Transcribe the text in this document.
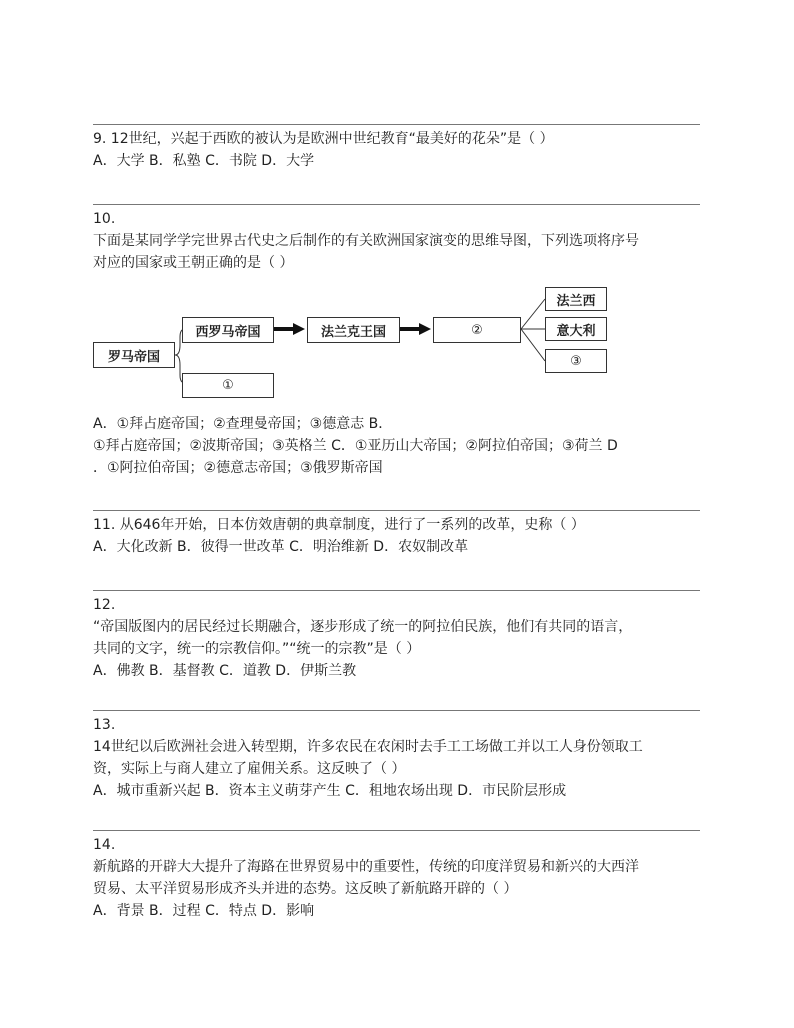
9. 12世纪，兴起于西欧的被认为是欧洲中世纪教育“最美好的花朵”是（ ）
A．大学 B．私塾 C．书院 D．大学
10.
下面是某同学学完世界古代史之后制作的有关欧洲国家演变的思维导图，下列选项将序号
对应的国家或王朝正确的是（ ）
罗马帝国
西罗马帝国
①
法兰克王国	②
法兰西
意大利
③
A．①拜占庭帝国；②查理曼帝国；③德意志 B．
①拜占庭帝国；②波斯帝国；③英格兰 C．①亚历山大帝国；②阿拉伯帝国；③荷兰 D
．①阿拉伯帝国；②德意志帝国；③俄罗斯帝国
11. 从646年开始，日本仿效唐朝的典章制度，进行了一系列的改革，史称（ ）
A．大化改新 B．彼得一世改革 C．明治维新 D．农奴制改革
12.
“帝国版图内的居民经过长期融合，逐步形成了统一的阿拉伯民族，他们有共同的语言，
共同的文字，统一的宗教信仰。”“统一的宗教”是（ ）
A．佛教 B．基督教 C．道教 D．伊斯兰教
13.
14世纪以后欧洲社会进入转型期，许多农民在农闲时去手工工场做工并以工人身份领取工
资，实际上与商人建立了雇佣关系。这反映了（ ）
A．城市重新兴起 B．资本主义萌芽产生 C．租地农场出现 D．市民阶层形成
14.
新航路的开辟大大提升了海路在世界贸易中的重要性，传统的印度洋贸易和新兴的大西洋
贸易、太平洋贸易形成齐头并进的态势。这反映了新航路开辟的（ ）
A．背景 B．过程 C．特点 D．影响
